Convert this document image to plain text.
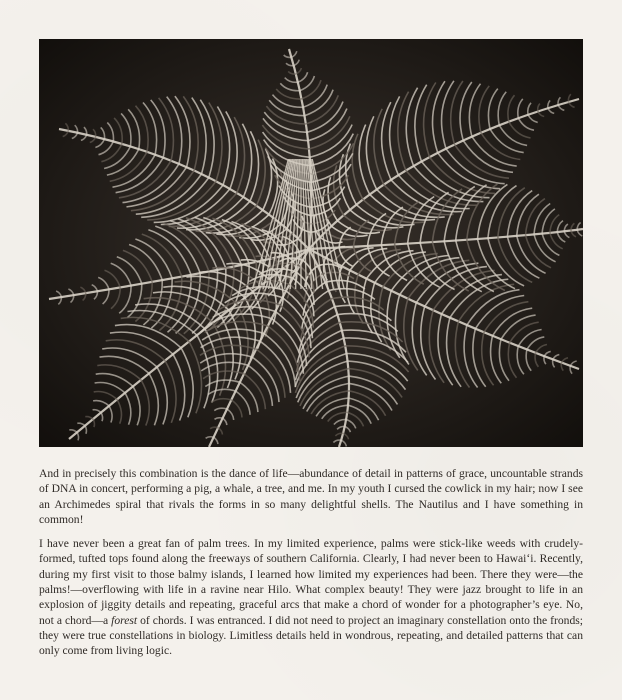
And in precisely this combination is the dance of life—abundance of detail in patterns of grace, uncountable strands of DNA in concert, performing a pig, a whale, a tree, and me. In my youth I cursed the cowlick in my hair; now I see an Archimedes spiral that rivals the forms in so many delightful shells. The Nautilus and I have something in common!

I have never been a great fan of palm trees. In my limited experience, palms were stick-like weeds with crudely-formed, tufted tops found along the freeways of southern California. Clearly, I had never been to Hawai‘i. Recently, during my first visit to those balmy islands, I learned how limited my experiences had been. There they were—the palms!—overflowing with life in a ravine near Hilo. What complex beauty! They were jazz brought to life in an explosion of jiggity details and repeating, graceful arcs that make a chord of wonder for a photographer’s eye. No, not a chord—a forest of chords. I was entranced. I did not need to project an imaginary constellation onto the fronds; they were true constellations in biology. Limitless details held in wondrous, repeating, and detailed patterns that can only come from living logic.
